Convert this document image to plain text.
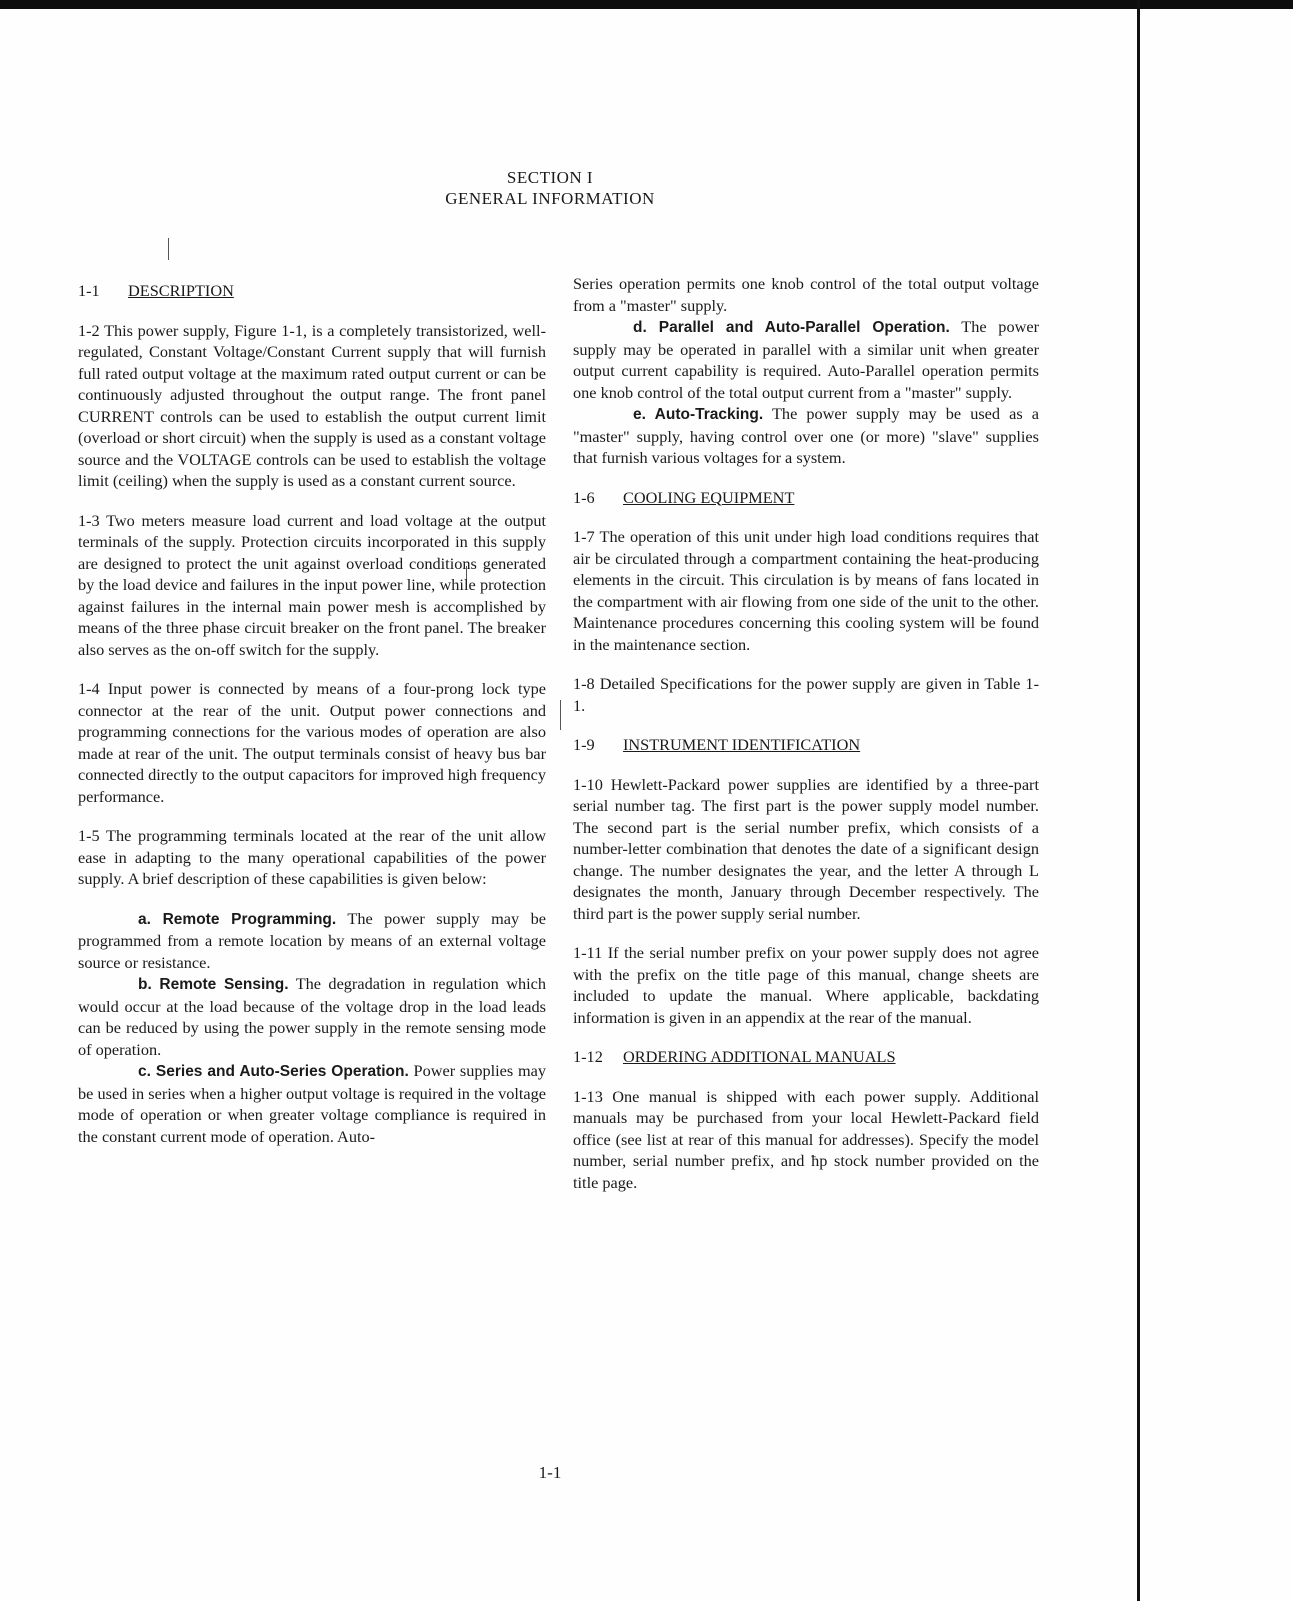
SECTION I
GENERAL INFORMATION
1-1 DESCRIPTION

1-2 This power supply, Figure 1-1, is a completely transistorized, well-regulated, Constant Voltage/Constant Current supply that will furnish full rated output voltage at the maximum rated output current or can be continuously adjusted throughout the output range. The front panel CURRENT controls can be used to establish the output current limit (overload or short circuit) when the supply is used as a constant voltage source and the VOLTAGE controls can be used to establish the voltage limit (ceiling) when the supply is used as a constant current source.

1-3 Two meters measure load current and load voltage at the output terminals of the supply. Protection circuits incorporated in this supply are designed to protect the unit against overload conditions generated by the load device and failures in the input power line, while protection against failures in the internal main power mesh is accomplished by means of the three phase circuit breaker on the front panel. The breaker also serves as the on-off switch for the supply.

1-4 Input power is connected by means of a four-prong lock type connector at the rear of the unit. Output power connections and programming connections for the various modes of operation are also made at rear of the unit. The output terminals consist of heavy bus bar connected directly to the output capacitors for improved high frequency performance.

1-5 The programming terminals located at the rear of the unit allow ease in adapting to the many operational capabilities of the power supply. A brief description of these capabilities is given below:

a. Remote Programming. The power supply may be programmed from a remote location by means of an external voltage source or resistance.

b. Remote Sensing. The degradation in regulation which would occur at the load because of the voltage drop in the load leads can be reduced by using the power supply in the remote sensing mode of operation.

c. Series and Auto-Series Operation. Power supplies may be used in series when a higher output voltage is required in the voltage mode of operation or when greater voltage compliance is required in the constant current mode of operation. Auto-

Series operation permits one knob control of the total output voltage from a "master" supply.

d. Parallel and Auto-Parallel Operation. The power supply may be operated in parallel with a similar unit when greater output current capability is required. Auto-Parallel operation permits one knob control of the total output current from a "master" supply.

e. Auto-Tracking. The power supply may be used as a "master" supply, having control over one (or more) "slave" supplies that furnish various voltages for a system.

1-6 COOLING EQUIPMENT

1-7 The operation of this unit under high load conditions requires that air be circulated through a compartment containing the heat-producing elements in the circuit. This circulation is by means of fans located in the compartment with air flowing from one side of the unit to the other. Maintenance procedures concerning this cooling system will be found in the maintenance section.

1-8 Detailed Specifications for the power supply are given in Table 1-1.

1-9 INSTRUMENT IDENTIFICATION

1-10 Hewlett-Packard power supplies are identified by a three-part serial number tag. The first part is the power supply model number. The second part is the serial number prefix, which consists of a number-letter combination that denotes the date of a significant design change. The number designates the year, and the letter A through L designates the month, January through December respectively. The third part is the power supply serial number.

1-11 If the serial number prefix on your power supply does not agree with the prefix on the title page of this manual, change sheets are included to update the manual. Where applicable, backdating information is given in an appendix at the rear of the manual.

1-12 ORDERING ADDITIONAL MANUALS

1-13 One manual is shipped with each power supply. Additional manuals may be purchased from your local Hewlett-Packard field office (see list at rear of this manual for addresses). Specify the model number, serial number prefix, and ħp stock number provided on the title page.

1-1
